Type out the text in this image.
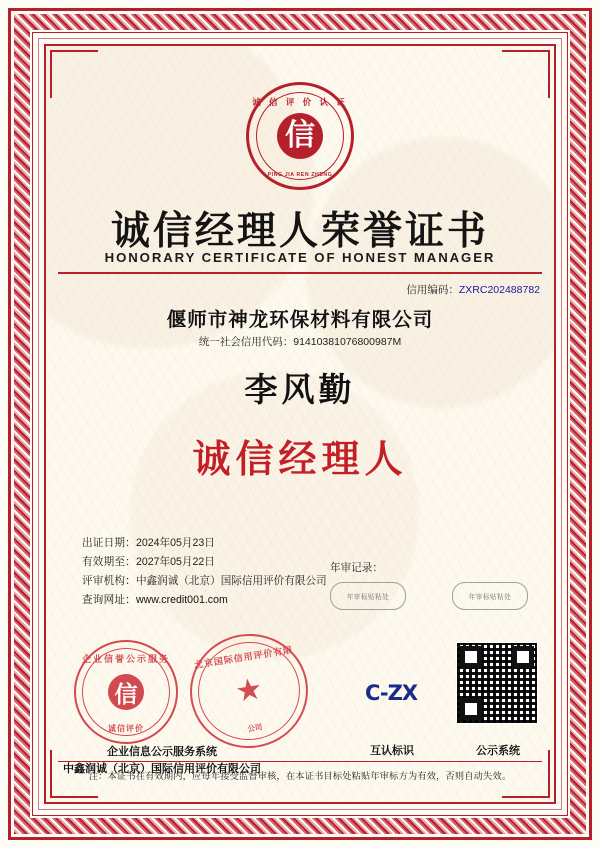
诚 信 评 价 认 证
信
PING JIA REN ZHENG
诚信经理人荣誉证书
HONORARY CERTIFICATE OF HONEST MANAGER
信用编码：ZXRC202488782
偃师市神龙环保材料有限公司
统一社会信用代码：91410381076800987M
李风勤
诚信经理人
出证日期：2024年05月23日
有效期至：2027年05月22日
评审机构：中鑫润诚（北京）国际信用评价有限公司
查询网址：www.credit001.com
年审记录：
年审标贴粘处	年审标贴粘处
企业信誉公示服务
信
诚信评价
北京国际信用评价有限
★
公司
企业信息公示服务系统
中鑫润诚（北京）国际信用评价有限公司
C-ZX
互认标识	公示系统
注：本证书在有效期内，应每年接受监督审核，在本证书目标处粘贴年审标方为有效，否则自动失效。
